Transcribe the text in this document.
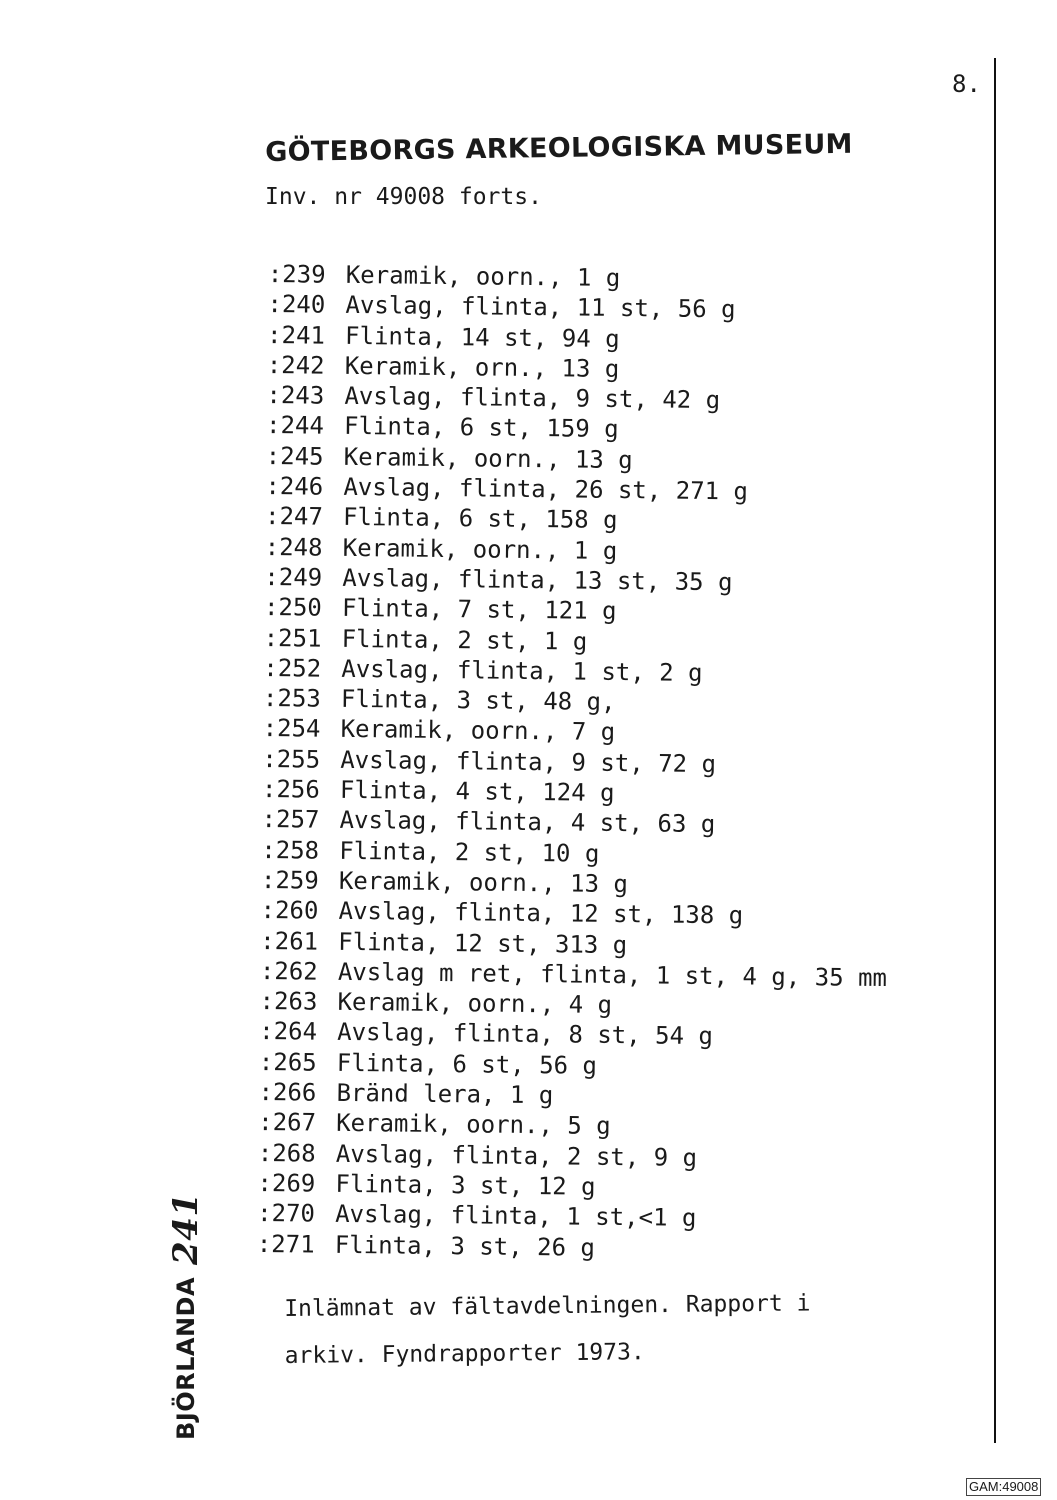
8.
GÖTEBORGS ARKEOLOGISKA MUSEUM
Inv. nr 49008 forts.
:239 Keramik, oorn., 1 g
:240 Avslag, flinta, 11 st, 56 g
:241 Flinta, 14 st, 94 g
:242 Keramik, orn., 13 g
:243 Avslag, flinta, 9 st, 42 g
:244 Flinta, 6 st, 159 g
:245 Keramik, oorn., 13 g
:246 Avslag, flinta, 26 st, 271 g
:247 Flinta, 6 st, 158 g
:248 Keramik, oorn., 1 g
:249 Avslag, flinta, 13 st, 35 g
:250 Flinta, 7 st, 121 g
:251 Flinta, 2 st, 1 g
:252 Avslag, flinta, 1 st, 2 g
:253 Flinta, 3 st, 48 g,
:254 Keramik, oorn., 7 g
:255 Avslag, flinta, 9 st, 72 g
:256 Flinta, 4 st, 124 g
:257 Avslag, flinta, 4 st, 63 g
:258 Flinta, 2 st, 10 g
:259 Keramik, oorn., 13 g
:260 Avslag, flinta, 12 st, 138 g
:261 Flinta, 12 st, 313 g
:262 Avslag m ret, flinta, 1 st, 4 g, 35 mm
:263 Keramik, oorn., 4 g
:264 Avslag, flinta, 8 st, 54 g
:265 Flinta, 6 st, 56 g
:266 Bränd lera, 1 g
:267 Keramik, oorn., 5 g
:268 Avslag, flinta, 2 st, 9 g
:269 Flinta, 3 st, 12 g
:270 Avslag, flinta, 1 st,<1 g
:271 Flinta, 3 st, 26 g
Inlämnat av fältavdelningen. Rapport i
arkiv. Fyndrapporter 1973.
BJÖRLANDA241
GAM:49008
